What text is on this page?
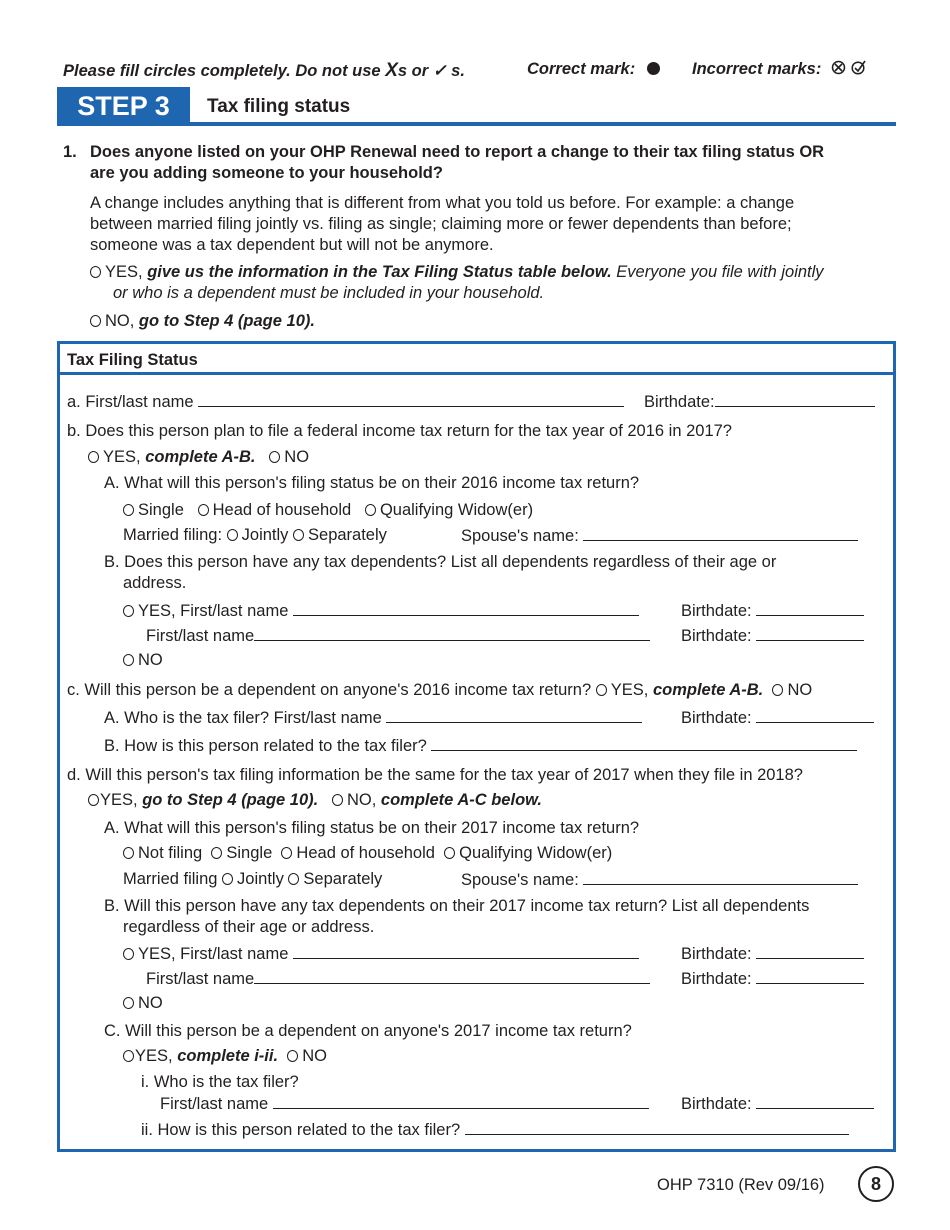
Please fill circles completely. Do not use Xs or ✓ s.	Correct mark:	Incorrect marks:
STEP 3	Tax filing status
1. Does anyone listed on your OHP Renewal need to report a change to their tax filing status OR
are you adding someone to your household?
A change includes anything that is different from what you told us before. For example: a change
between married filing jointly vs. filing as single; claiming more or fewer dependents than before;
someone was a tax dependent but will not be anymore.
YES, give us the information in the Tax Filing Status table below. Everyone you file with jointly
or who is a dependent must be included in your household.
NO, go to Step 4 (page 10).
Tax Filing Status
a. First/last name	Birthdate:
b. Does this person plan to file a federal income tax return for the tax year of 2016 in 2017?
YES, complete A-B. NO
A. What will this person's filing status be on their 2016 income tax return?
Single Head of household Qualifying Widow(er)
Married filing: Jointly Separately	Spouse's name:
B. Does this person have any tax dependents? List all dependents regardless of their age or
address.
YES, First/last name	Birthdate:
First/last name	Birthdate:
NO
c. Will this person be a dependent on anyone's 2016 income tax return? YES, complete A-B. NO
A. Who is the tax filer? First/last name	Birthdate:
B. How is this person related to the tax filer?
d. Will this person's tax filing information be the same for the tax year of 2017 when they file in 2018?
YES, go to Step 4 (page 10). NO, complete A-C below.
A. What will this person's filing status be on their 2017 income tax return?
Not filing Single Head of household Qualifying Widow(er)
Married filing Jointly Separately	Spouse's name:
B. Will this person have any tax dependents on their 2017 income tax return? List all dependents
regardless of their age or address.
YES, First/last name	Birthdate:
First/last name	Birthdate:
NO
C. Will this person be a dependent on anyone's 2017 income tax return?
YES, complete i-ii. NO
i. Who is the tax filer?
First/last name	Birthdate:
ii. How is this person related to the tax filer?
OHP 7310 (Rev 09/16)	8
